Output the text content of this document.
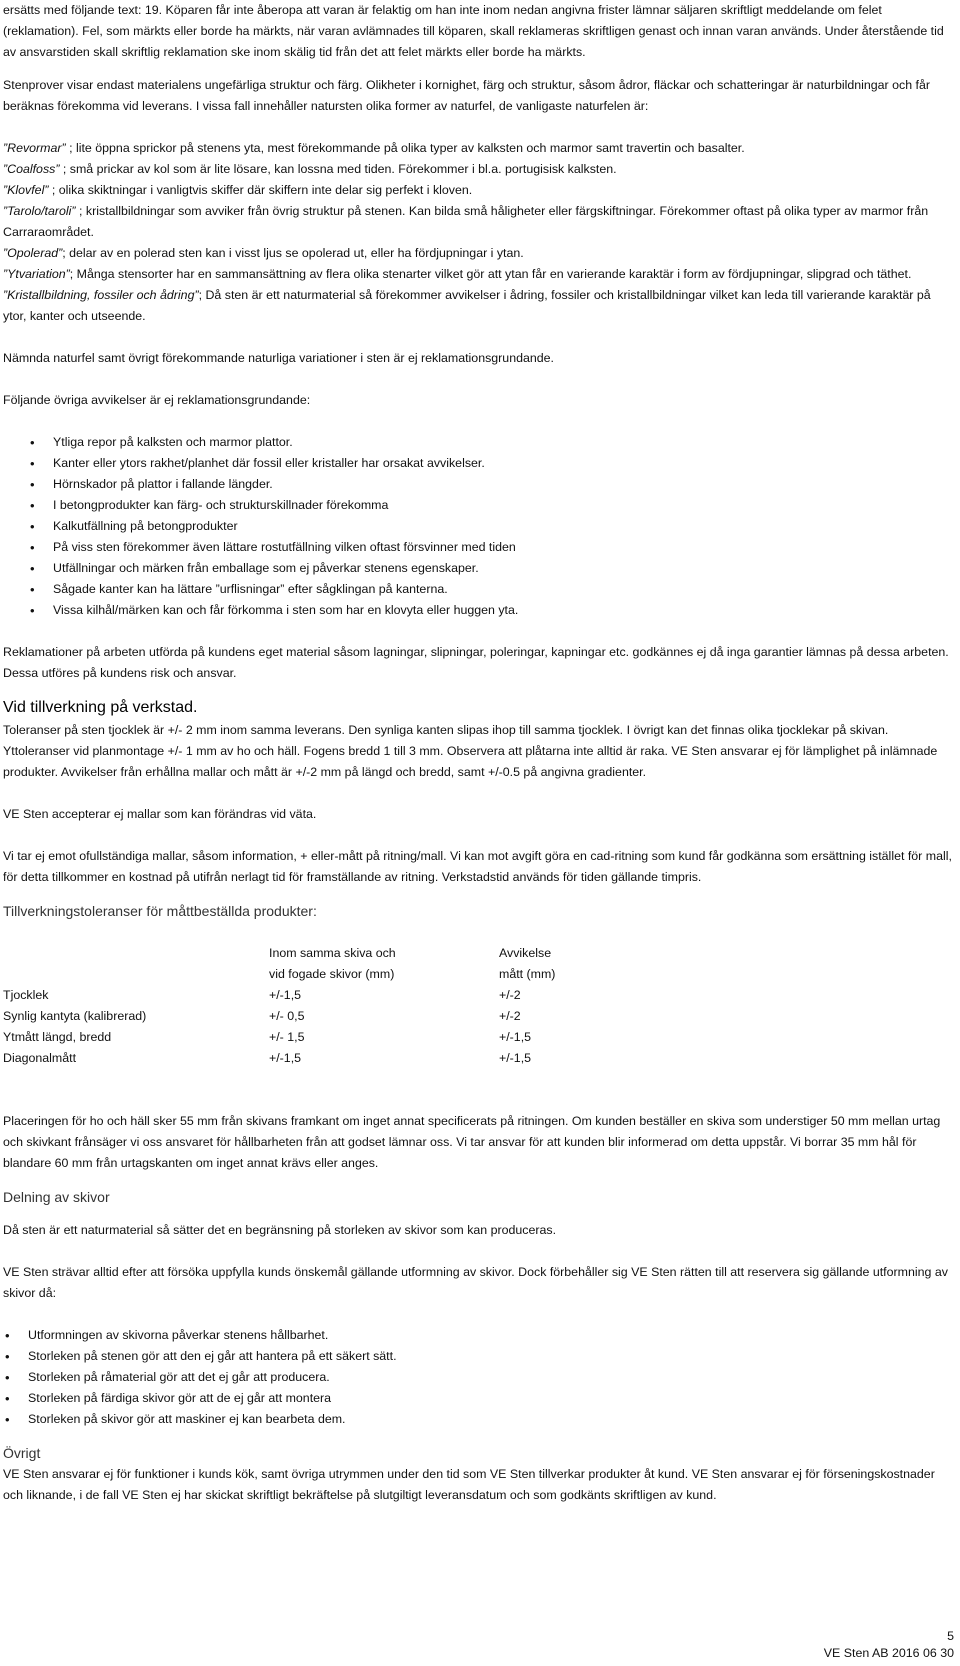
ersätts med följande text: 19. Köparen får inte åberopa att varan är felaktig om han inte inom nedan angivna frister lämnar säljaren skriftligt meddelande om felet (reklamation). Fel, som märkts eller borde ha märkts, när varan avlämnades till köparen, skall reklameras skriftligen genast och innan varan används. Under återstående tid av ansvarstiden skall skriftlig reklamation ske inom skälig tid från det att felet märkts eller borde ha märkts.

Stenprover visar endast materialens ungefärliga struktur och färg. Olikheter i kornighet, färg och struktur, såsom ådror, fläckar och schatteringar är naturbildningar och får beräknas förekomma vid leverans. I vissa fall innehåller natursten olika former av naturfel, de vanligaste naturfelen är:

”Revormar” ; lite öppna sprickor på stenens yta, mest förekommande på olika typer av kalksten och marmor samt travertin och basalter.

”Coalfoss” ; små prickar av kol som är lite lösare, kan lossna med tiden. Förekommer i bl.a. portugisisk kalksten.

”Klovfel” ; olika skiktningar i vanligtvis skiffer där skiffern inte delar sig perfekt i kloven.

”Tarolo/taroli” ; kristallbildningar som avviker från övrig struktur på stenen. Kan bilda små håligheter eller färgskiftningar. Förekommer oftast på olika typer av marmor från Carraraområdet.

”Opolerad”; delar av en polerad sten kan i visst ljus se opolerad ut, eller ha fördjupningar i ytan.

”Ytvariation”; Många stensorter har en sammansättning av flera olika stenarter vilket gör att ytan får en varierande karaktär i form av fördjupningar, slipgrad och täthet.

”Kristallbildning, fossiler och ådring”; Då sten är ett naturmaterial så förekommer avvikelser i ådring, fossiler och kristallbildningar vilket kan leda till varierande karaktär på ytor, kanter och utseende.

Nämnda naturfel samt övrigt förekommande naturliga variationer i sten är ej reklamationsgrundande.

Följande övriga avvikelser är ej reklamationsgrundande:

• Ytliga repor på kalksten och marmor plattor.
• Kanter eller ytors rakhet/planhet där fossil eller kristaller har orsakat avvikelser.
• Hörnskador på plattor i fallande längder.
• I betongprodukter kan färg- och strukturskillnader förekomma
• Kalkutfällning på betongprodukter
• På viss sten förekommer även lättare rostutfällning vilken oftast försvinner med tiden
• Utfällningar och märken från emballage som ej påverkar stenens egenskaper.
• Sågade kanter kan ha lättare ”urflisningar” efter sågklingan på kanterna.
• Vissa kilhål/märken kan och får förkomma i sten som har en klovyta eller huggen yta.

Reklamationer på arbeten utförda på kundens eget material såsom lagningar, slipningar, poleringar, kapningar etc. godkännes ej då inga garantier lämnas på dessa arbeten. Dessa utföres på kundens risk och ansvar.

Vid tillverkning på verkstad.

Toleranser på sten tjocklek är +/- 2 mm inom samma leverans. Den synliga kanten slipas ihop till samma tjocklek. I övrigt kan det finnas olika tjocklekar på skivan. Yttoleranser vid planmontage +/- 1 mm av ho och häll. Fogens bredd 1 till 3 mm. Observera att plåtarna inte alltid är raka. VE Sten ansvarar ej för lämplighet på inlämnade produkter. Avvikelser från erhållna mallar och mått är +/-2 mm på längd och bredd, samt +/-0.5 på angivna gradienter.

VE Sten accepterar ej mallar som kan förändras vid väta.

Vi tar ej emot ofullständiga mallar, såsom information, + eller-mått på ritning/mall. Vi kan mot avgift göra en cad-ritning som kund får godkänna som ersättning istället för mall, för detta tillkommer en kostnad på utifrån nerlagt tid för framställande av ritning. Verkstadstid används för tiden gällande timpris.

Tillverkningstoleranser för måttbeställda produkter:

	Inom samma skiva och	Avvikelse
	vid fogade skivor (mm)	mått (mm)
Tjocklek	+/-1,5	+/-2
Synlig kantyta (kalibrerad)	+/- 0,5	+/-2
Ytmått längd, bredd	+/- 1,5	+/-1,5
Diagonalmått	+/-1,5	+/-1,5

Placeringen för ho och häll sker 55 mm från skivans framkant om inget annat specificerats på ritningen. Om kunden beställer en skiva som understiger 50 mm mellan urtag och skivkant frånsäger vi oss ansvaret för hållbarheten från att godset lämnar oss. Vi tar ansvar för att kunden blir informerad om detta uppstår. Vi borrar 35 mm hål för blandare 60 mm från urtagskanten om inget annat krävs eller anges.

Delning av skivor

Då sten är ett naturmaterial så sätter det en begränsning på storleken av skivor som kan produceras.

VE Sten strävar alltid efter att försöka uppfylla kunds önskemål gällande utformning av skivor. Dock förbehåller sig VE Sten rätten till att reservera sig gällande utformning av skivor då:

• Utformningen av skivorna påverkar stenens hållbarhet.
• Storleken på stenen gör att den ej går att hantera på ett säkert sätt.
• Storleken på råmaterial gör att det ej går att producera.
• Storleken på färdiga skivor gör att de ej går att montera
• Storleken på skivor gör att maskiner ej kan bearbeta dem.

Övrigt

VE Sten ansvarar ej för funktioner i kunds kök, samt övriga utrymmen under den tid som VE Sten tillverkar produkter åt kund. VE Sten ansvarar ej för förseningskostnader och liknande, i de fall VE Sten ej har skickat skriftligt bekräftelse på slutgiltigt leveransdatum och som godkänts skriftligen av kund.

5
VE Sten AB 2016 06 30
